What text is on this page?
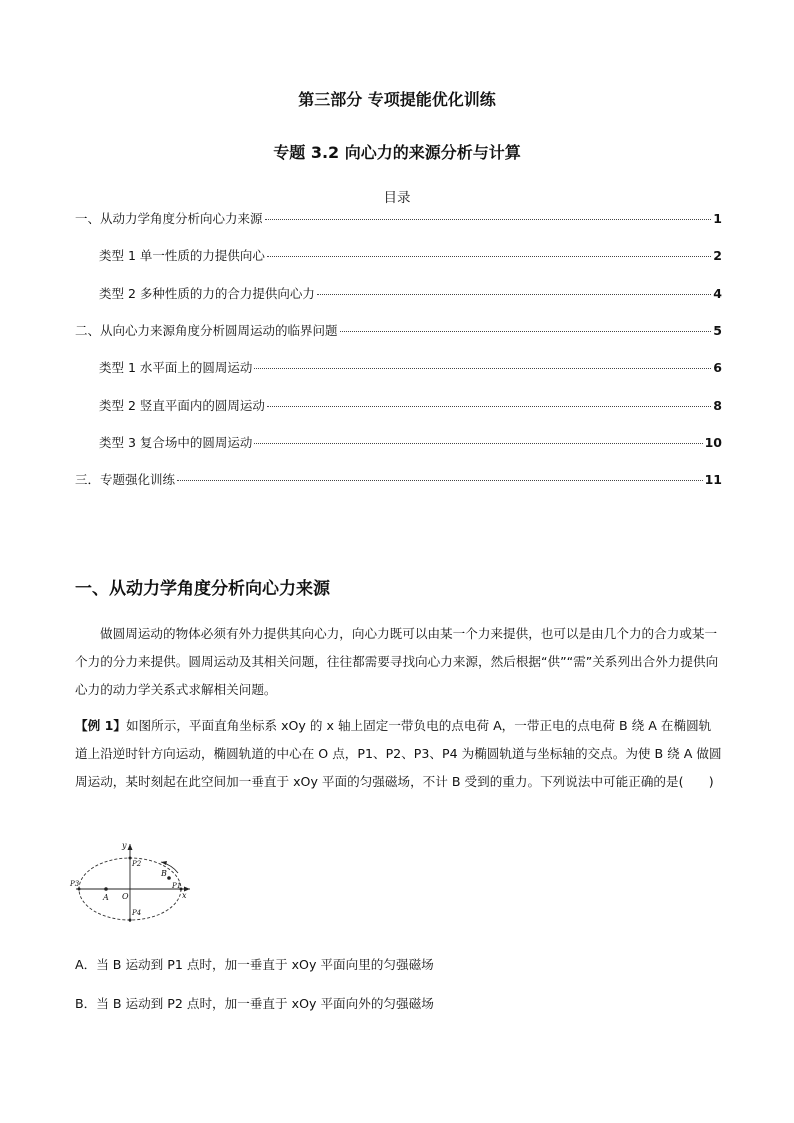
第三部分 专项提能优化训练
专题 3.2 向心力的来源分析与计算
目录
一、从动力学角度分析向心力来源	1
类型 1 单一性质的力提供向心	2
类型 2 多种性质的力的合力提供向心力	4
二、从向心力来源角度分析圆周运动的临界问题	5
类型 1 水平面上的圆周运动	6
类型 2 竖直平面内的圆周运动	8
类型 3 复合场中的圆周运动	10
三．专题强化训练	11
一、从动力学角度分析向心力来源
做圆周运动的物体必须有外力提供其向心力，向心力既可以由某一个力来提供，也可以是由几个力的合力或某一个力的分力来提供。圆周运动及其相关问题，往往都需要寻找向心力来源，然后根据“供”“需”关系列出合外力提供向心力的动力学关系式求解相关问题。
【例 1】如图所示，平面直角坐标系 xOy 的 x 轴上固定一带负电的点电荷 A，一带正电的点电荷 B 绕 A 在椭圆轨道上沿逆时针方向运动，椭圆轨道的中心在 O 点，P1、P2、P3、P4 为椭圆轨道与坐标轴的交点。为使 B 绕 A 做圆周运动，某时刻起在此空间加一垂直于 xOy 平面的匀强磁场，不计 B 受到的重力。下列说法中可能正确的是(　　)
y
x
O
A
B
P1
P2
P3
P4
A．当 B 运动到 P1 点时，加一垂直于 xOy 平面向里的匀强磁场
B．当 B 运动到 P2 点时，加一垂直于 xOy 平面向外的匀强磁场
